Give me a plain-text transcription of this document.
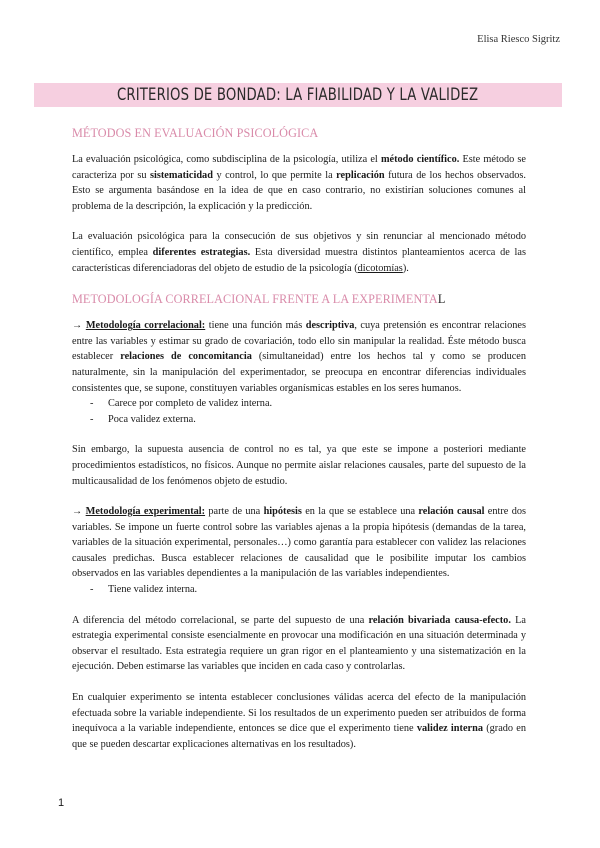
Elisa Riesco Sigritz
CRITERIOS DE BONDAD: LA FIABILIDAD Y LA VALIDEZ
MÉTODOS EN EVALUACIÓN PSICOLÓGICA

La evaluación psicológica, como subdisciplina de la psicología, utiliza el método científico. Este método se caracteriza por su sistematicidad y control, lo que permite la replicación futura de los hechos observados. Esto se argumenta basándose en la idea de que en caso contrario, no existirían soluciones comunes al problema de la descripción, la explicación y la predicción.

La evaluación psicológica para la consecución de sus objetivos y sin renunciar al mencionado método científico, emplea diferentes estrategias. Esta diversidad muestra distintos planteamientos acerca de las características diferenciadoras del objeto de estudio de la psicología (dicotomías).

METODOLOGÍA CORRELACIONAL FRENTE A LA EXPERIMENTAL

→ Metodología correlacional: tiene una función más descriptiva, cuya pretensión es encontrar relaciones entre las variables y estimar su grado de covariación, todo ello sin manipular la realidad. Éste método busca establecer relaciones de concomitancia (simultaneidad) entre los hechos tal y como se producen naturalmente, sin la manipulación del experimentador, se preocupa en encontrar diferencias individuales consistentes que, se supone, constituyen variables organísmicas estables en los seres humanos.

- Carece por completo de validez interna.
- Poca validez externa.

Sin embargo, la supuesta ausencia de control no es tal, ya que este se impone a posteriori mediante procedimientos estadísticos, no físicos. Aunque no permite aislar relaciones causales, parte del supuesto de la multicausalidad de los fenómenos objeto de estudio.

→ Metodología experimental: parte de una hipótesis en la que se establece una relación causal entre dos variables. Se impone un fuerte control sobre las variables ajenas a la propia hipótesis (demandas de la tarea, variables de la situación experimental, personales…) como garantía para establecer con validez las relaciones causales predichas. Busca establecer relaciones de causalidad que le posibilite imputar los cambios observados en las variables dependientes a la manipulación de las variables independientes.

- Tiene validez interna.

A diferencia del método correlacional, se parte del supuesto de una relación bivariada causa-efecto. La estrategia experimental consiste esencialmente en provocar una modificación en una situación determinada y observar el resultado. Esta estrategia requiere un gran rigor en el planteamiento y una sistematización en la ejecución. Deben estimarse las variables que inciden en cada caso y controlarlas.

En cualquier experimento se intenta establecer conclusiones válidas acerca del efecto de la manipulación efectuada sobre la variable independiente. Si los resultados de un experimento pueden ser atribuidos de forma inequívoca a la variable independiente, entonces se dice que el experimento tiene validez interna (grado en que se pueden descartar explicaciones alternativas en los resultados).

1
